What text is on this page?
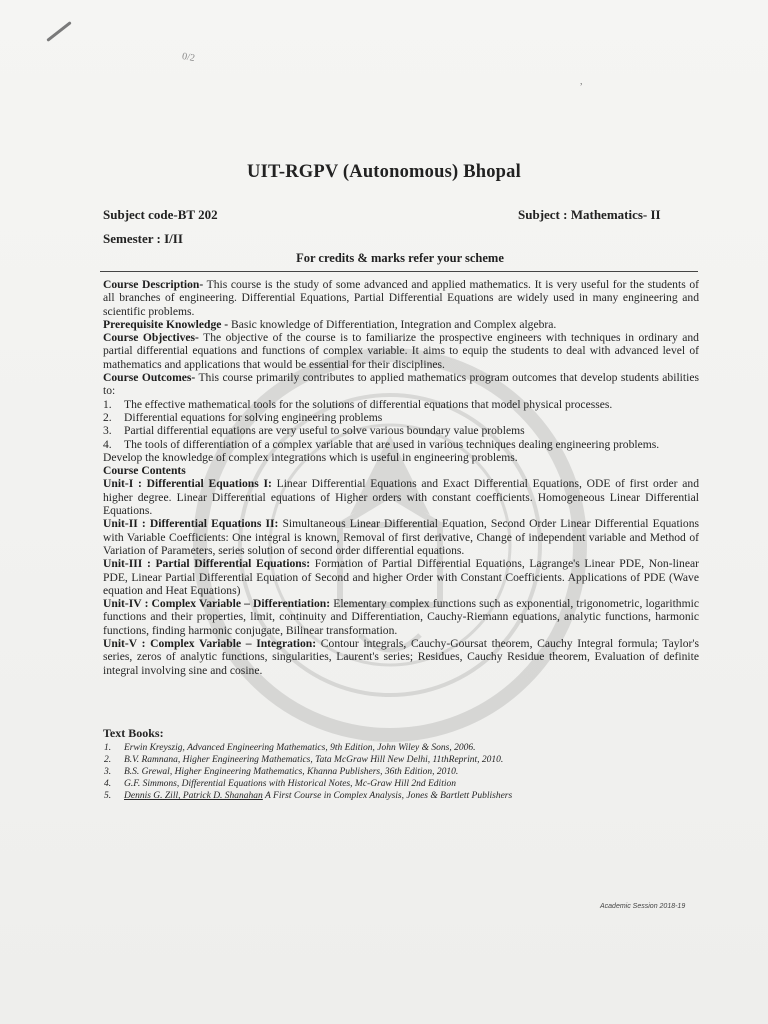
0/2
,
UIT-RGPV (Autonomous) Bhopal
Subject code-BT 202	Subject : Mathematics- II
Semester : I/II
For credits & marks refer your scheme

Course Description- This course is the study of some advanced and applied mathematics. It is very useful for the students of all branches of engineering. Differential Equations, Partial Differential Equations are widely used in many engineering and scientific problems.

Prerequisite Knowledge - Basic knowledge of Differentiation, Integration and Complex algebra.

Course Objectives- The objective of the course is to familiarize the prospective engineers with techniques in ordinary and partial differential equations and functions of complex variable. It aims to equip the students to deal with advanced level of mathematics and applications that would be essential for their disciplines.

Course Outcomes- This course primarily contributes to applied mathematics program outcomes that develop students abilities to:

1. The effective mathematical tools for the solutions of differential equations that model physical processes.
2. Differential equations for solving engineering problems
3. Partial differential equations are very useful to solve various boundary value problems
4. The tools of differentiation of a complex variable that are used in various techniques dealing engineering problems.

Develop the knowledge of complex integrations which is useful in engineering problems.

Course Contents

Unit-I : Differential Equations I: Linear Differential Equations and Exact Differential Equations, ODE of first order and higher degree. Linear Differential equations of Higher orders with constant coefficients. Homogeneous Linear Differential Equations.

Unit-II : Differential Equations II: Simultaneous Linear Differential Equation, Second Order Linear Differential Equations with Variable Coefficients: One integral is known, Removal of first derivative, Change of independent variable and Method of Variation of Parameters, series solution of second order differential equations.

Unit-III : Partial Differential Equations: Formation of Partial Differential Equations, Lagrange's Linear PDE, Non-linear PDE, Linear Partial Differential Equation of Second and higher Order with Constant Coefficients. Applications of PDE (Wave equation and Heat Equations)

Unit-IV : Complex Variable – Differentiation: Elementary complex functions such as exponential, trigonometric, logarithmic functions and their properties, limit, continuity and Differentiation, Cauchy-Riemann equations, analytic functions, harmonic functions, finding harmonic conjugate, Bilinear transformation.

Unit-V : Complex Variable – Integration: Contour integrals, Cauchy-Goursat theorem, Cauchy Integral formula; Taylor's series, zeros of analytic functions, singularities, Laurent's series; Residues, Cauchy Residue theorem, Evaluation of definite integral involving sine and cosine.

Text Books:
1. Erwin Kreyszig, Advanced Engineering Mathematics, 9th Edition, John Wiley & Sons, 2006.
2. B.V. Ramnana, Higher Engineering Mathematics, Tata McGraw Hill New Delhi, 11thReprint, 2010.
3. B.S. Grewal, Higher Engineering Mathematics, Khanna Publishers, 36th Edition, 2010.
4. G.F. Simmons, Differential Equations with Historical Notes, Mc-Graw Hill 2nd Edition
5. Dennis G. Zill, Patrick D. Shanahan A First Course in Complex Analysis, Jones & Bartlett Publishers
Academic Session 2018-19
